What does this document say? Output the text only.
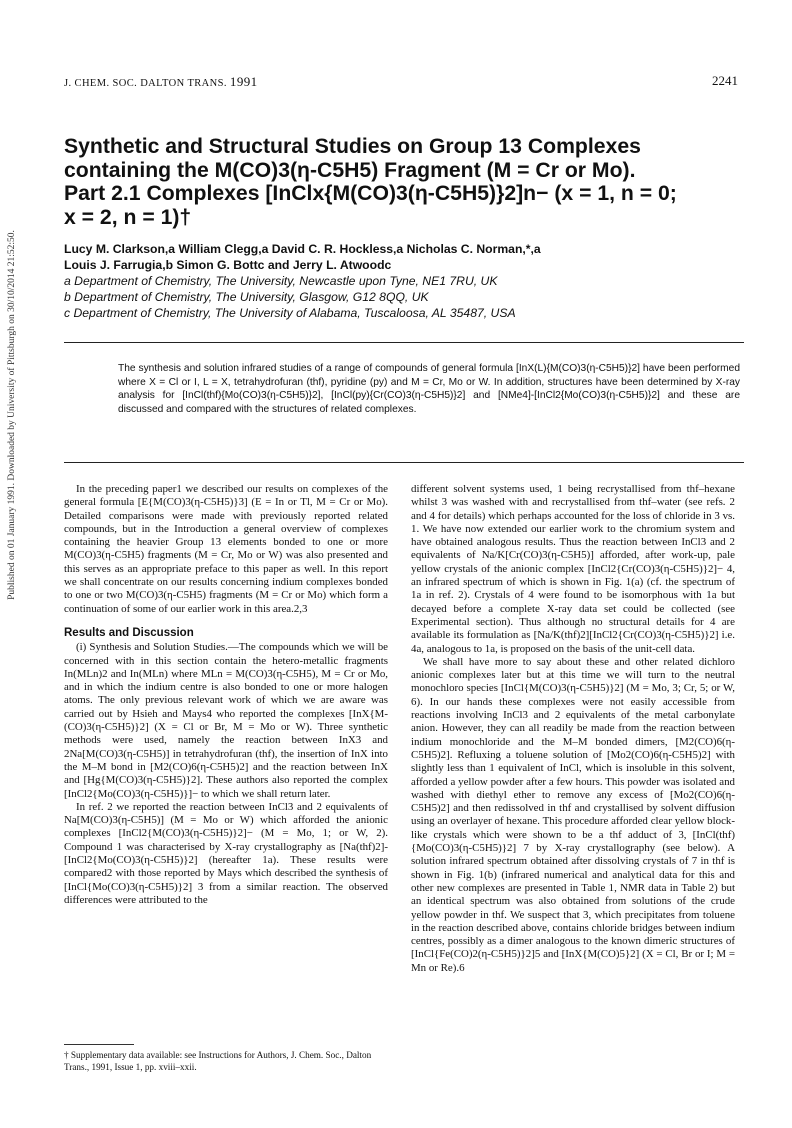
Published on 01 January 1991. Downloaded by University of Pittsburgh on 30/10/2014 21:52:50.
J. CHEM. SOC. DALTON TRANS. 1991	2241
Synthetic and Structural Studies on Group 13 Complexes
containing the M(CO)3(η-C5H5) Fragment (M = Cr or Mo).
Part 2.1 Complexes [InClx{M(CO)3(η-C5H5)}2]n− (x = 1, n = 0;
x = 2, n = 1)†
Lucy M. Clarkson,a William Clegg,a David C. R. Hockless,a Nicholas C. Norman,*,a
Louis J. Farrugia,b Simon G. Bottc and Jerry L. Atwoodc
a Department of Chemistry, The University, Newcastle upon Tyne, NE1 7RU, UK
b Department of Chemistry, The University, Glasgow, G12 8QQ, UK
c Department of Chemistry, The University of Alabama, Tuscaloosa, AL 35487, USA

The synthesis and solution infrared studies of a range of compounds of general formula [InX(L){M(CO)3(η-C5H5)}2] have been performed where X = Cl or I, L = X, tetrahydrofuran (thf), pyridine (py) and M = Cr, Mo or W. In addition, structures have been determined by X-ray analysis for [InCl(thf){Mo(CO)3(η-C5H5)}2], [InCl(py){Cr(CO)3(η-C5H5)}2] and [NMe4]-[InCl2{Mo(CO)3(η-C5H5)}2] and these are discussed and compared with the structures of related complexes.

In the preceding paper1 we described our results on complexes of the general formula [E{M(CO)3(η-C5H5)}3] (E = In or Tl, M = Cr or Mo). Detailed comparisons were made with previously reported related compounds, but in the Introduction a general overview of complexes containing the heavier Group 13 elements bonded to one or more M(CO)3(η-C5H5) fragments (M = Cr, Mo or W) was also presented and this serves as an appropriate preface to this paper as well. In this report we shall concentrate on our results concerning indium complexes bonded to one or two M(CO)3(η-C5H5) fragments (M = Cr or Mo) which form a continuation of some of our earlier work in this area.2,3

Results and Discussion

(i) Synthesis and Solution Studies.—The compounds which we will be concerned with in this section contain the hetero-metallic fragments In(MLn)2 and In(MLn) where MLn = M(CO)3(η-C5H5), M = Cr or Mo, and in which the indium centre is also bonded to one or more halogen atoms. The only previous relevant work of which we are aware was carried out by Hsieh and Mays4 who reported the complexes [InX{M-(CO)3(η-C5H5)}2] (X = Cl or Br, M = Mo or W). Three synthetic methods were used, namely the reaction between InX3 and 2Na[M(CO)3(η-C5H5)] in tetrahydrofuran (thf), the insertion of InX into the M–M bond in [M2(CO)6(η-C5H5)2] and the reaction between InX and [Hg{M(CO)3(η-C5H5)}2]. These authors also reported the complex [InCl2{Mo(CO)3(η-C5H5)}]− to which we shall return later.

In ref. 2 we reported the reaction between InCl3 and 2 equivalents of Na[M(CO)3(η-C5H5)] (M = Mo or W) which afforded the anionic complexes [InCl2{M(CO)3(η-C5H5)}2]− (M = Mo, 1; or W, 2). Compound 1 was characterised by X-ray crystallography as [Na(thf)2]-[InCl2{Mo(CO)3(η-C5H5)}2] (hereafter 1a). These results were compared2 with those reported by Mays which described the synthesis of [InCl{Mo(CO)3(η-C5H5)}2] 3 from a similar reaction. The observed differences were attributed to the

† Supplementary data available: see Instructions for Authors, J. Chem. Soc., Dalton Trans., 1991, Issue 1, pp. xviii–xxii.

different solvent systems used, 1 being recrystallised from thf–hexane whilst 3 was washed with and recrystallised from thf–water (see refs. 2 and 4 for details) which perhaps accounted for the loss of chloride in 3 vs. 1. We have now extended our earlier work to the chromium system and have obtained analogous results. Thus the reaction between InCl3 and 2 equivalents of Na/K[Cr(CO)3(η-C5H5)] afforded, after work-up, pale yellow crystals of the anionic complex [InCl2{Cr(CO)3(η-C5H5)}2]− 4, an infrared spectrum of which is shown in Fig. 1(a) (cf. the spectrum of 1a in ref. 2). Crystals of 4 were found to be isomorphous with 1a but decayed before a complete X-ray data set could be collected (see Experimental section). Thus although no structural details for 4 are available its formulation as [Na/K(thf)2][InCl2{Cr(CO)3(η-C5H5)}2] i.e. 4a, analogous to 1a, is proposed on the basis of the unit-cell data.

We shall have more to say about these and other related dichloro anionic complexes later but at this time we will turn to the neutral monochloro species [InCl{M(CO)3(η-C5H5)}2] (M = Mo, 3; Cr, 5; or W, 6). In our hands these complexes were not easily accessible from reactions involving InCl3 and 2 equivalents of the metal carbonylate anion. However, they can all readily be made from the reaction between indium monochloride and the M–M bonded dimers, [M2(CO)6(η-C5H5)2]. Refluxing a toluene solution of [Mo2(CO)6(η-C5H5)2] with slightly less than 1 equivalent of InCl, which is insoluble in this solvent, afforded a yellow powder after a few hours. This powder was isolated and washed with diethyl ether to remove any excess of [Mo2(CO)6(η-C5H5)2] and then redissolved in thf and crystallised by solvent diffusion using an overlayer of hexane. This procedure afforded clear yellow block-like crystals which were shown to be a thf adduct of 3, [InCl(thf){Mo(CO)3(η-C5H5)}2] 7 by X-ray crystallography (see below). A solution infrared spectrum obtained after dissolving crystals of 7 in thf is shown in Fig. 1(b) (infrared numerical and analytical data for this and other new complexes are presented in Table 1, NMR data in Table 2) but an identical spectrum was also obtained from solutions of the crude yellow powder in thf. We suspect that 3, which precipitates from toluene in the reaction described above, contains chloride bridges between indium centres, possibly as a dimer analogous to the known dimeric structures of [InCl{Fe(CO)2(η-C5H5)}2]5 and [InX{M(CO)5}2] (X = Cl, Br or I; M = Mn or Re).6
